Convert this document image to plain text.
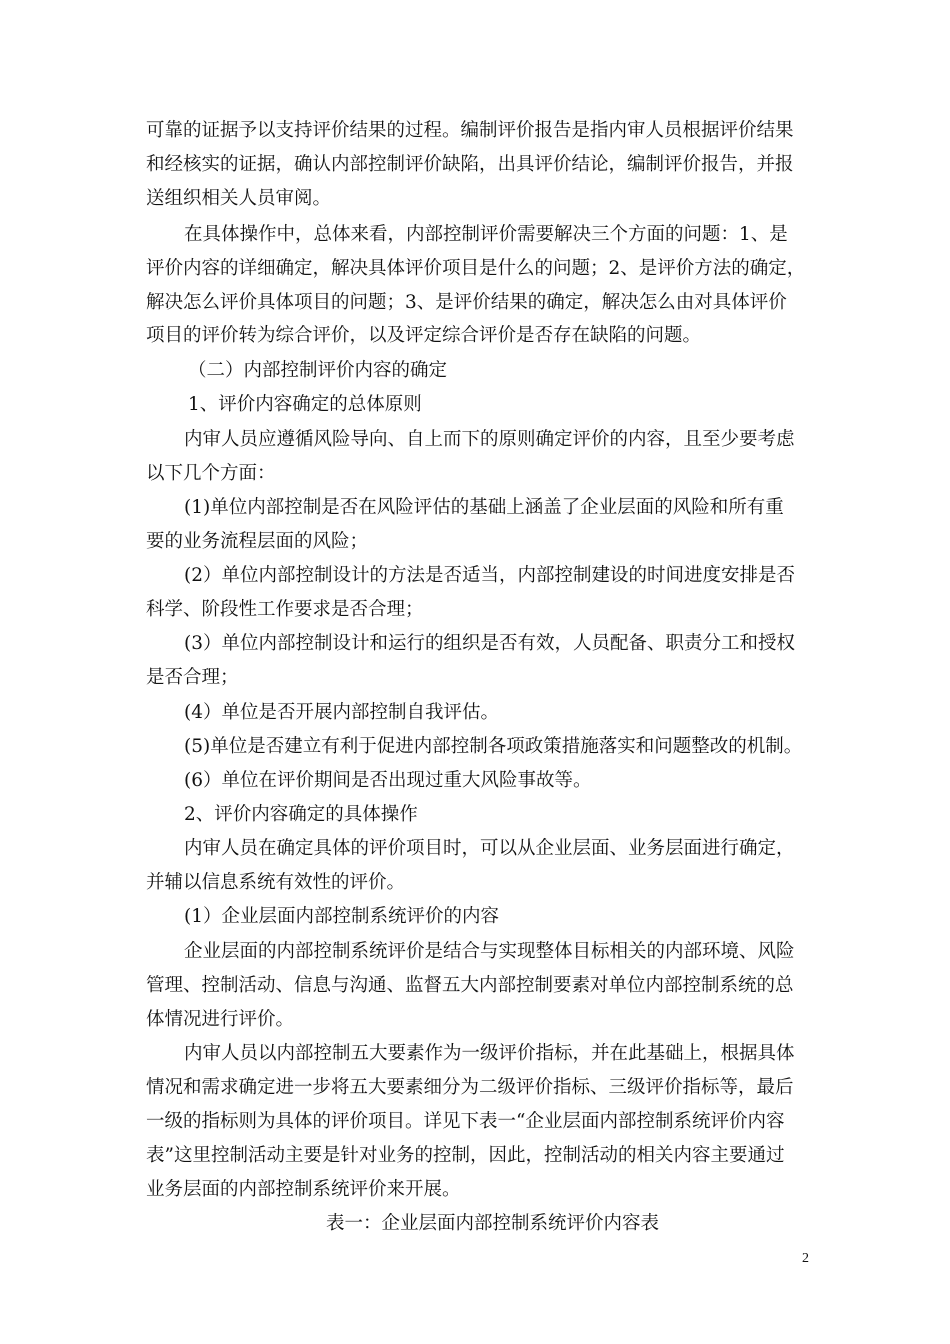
可靠的证据予以支持评价结果的过程。编制评价报告是指内审人员根据评价结果
和经核实的证据，确认内部控制评价缺陷，出具评价结论，编制评价报告，并报
送组织相关人员审阅。
在具体操作中，总体来看，内部控制评价需要解决三个方面的问题：1、是
评价内容的详细确定，解决具体评价项目是什么的问题；2、是评价方法的确定，
解决怎么评价具体项目的问题；3、是评价结果的确定，解决怎么由对具体评价
项目的评价转为综合评价，以及评定综合评价是否存在缺陷的问题。
（二）内部控制评价内容的确定
1、评价内容确定的总体原则
内审人员应遵循风险导向、自上而下的原则确定评价的内容，且至少要考虑
以下几个方面：
(1)单位内部控制是否在风险评估的基础上涵盖了企业层面的风险和所有重
要的业务流程层面的风险；
(2）单位内部控制设计的方法是否适当，内部控制建设的时间进度安排是否
科学、阶段性工作要求是否合理；
(3）单位内部控制设计和运行的组织是否有效，人员配备、职责分工和授权
是否合理；
(4）单位是否开展内部控制自我评估。
(5)单位是否建立有利于促进内部控制各项政策措施落实和问题整改的机制。
(6）单位在评价期间是否出现过重大风险事故等。
2、评价内容确定的具体操作
内审人员在确定具体的评价项目时，可以从企业层面、业务层面进行确定，
并辅以信息系统有效性的评价。
(1）企业层面内部控制系统评价的内容
企业层面的内部控制系统评价是结合与实现整体目标相关的内部环境、风险
管理、控制活动、信息与沟通、监督五大内部控制要素对单位内部控制系统的总
体情况进行评价。
内审人员以内部控制五大要素作为一级评价指标，并在此基础上，根据具体
情况和需求确定进一步将五大要素细分为二级评价指标、三级评价指标等，最后
一级的指标则为具体的评价项目。详见下表一“企业层面内部控制系统评价内容
表”这里控制活动主要是针对业务的控制，因此，控制活动的相关内容主要通过
业务层面的内部控制系统评价来开展。
表一：企业层面内部控制系统评价内容表
2
